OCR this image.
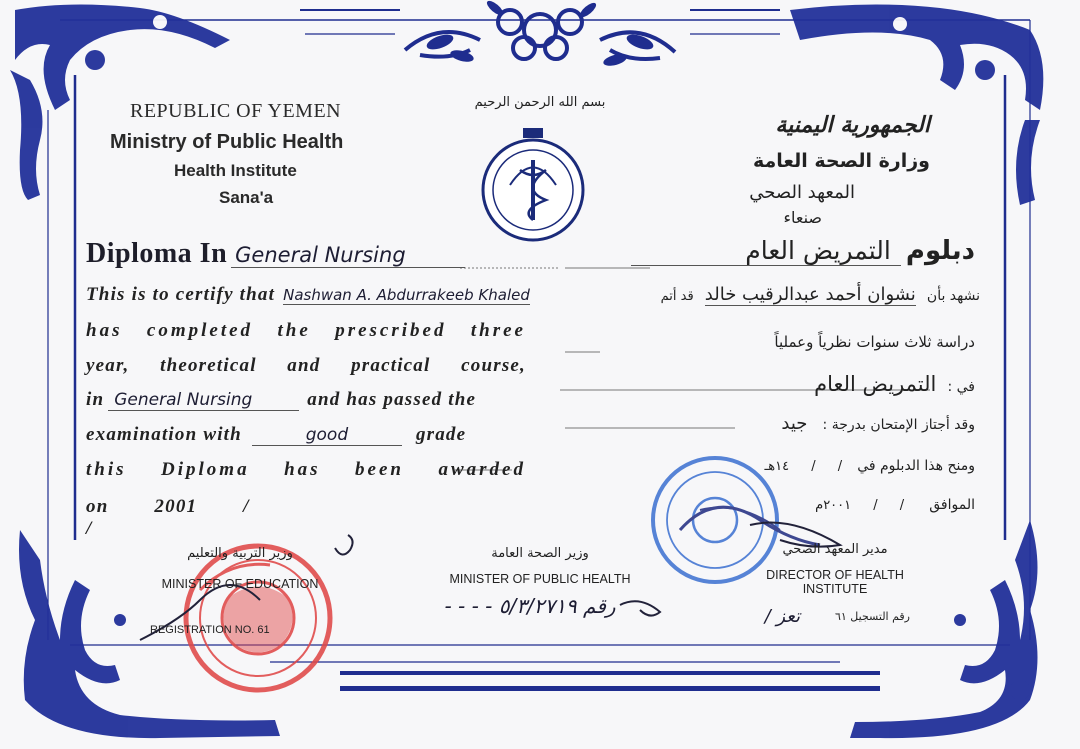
REPUBLIC OF YEMEN
Ministry of Public Health
Health Institute
Sana'a
بسم الله الرحمن الرحيم
الجمهورية اليمنية
وزارة الصحة العامة
المعهد الصحي
صنعاء
Diploma In General Nursing
This is to certify that Nashwan A. Abdurrakeeb Khaled
has completed the prescribed three
year, theoretical and practical course,
in General Nursing	and has passed the
examination with	good	grade
this Diploma has been awarded
on 2001 / /
دبلوم التمريض العام
نشهد بأن نشوان أحمد عبدالرقيب خالد قد أتم
دراسة ثلاث سنوات نظرياً وعملياً
في : التمريض العام
وقد أجتاز الإمتحان بدرجة : جيد
ومنح هذا الدبلوم في / / ١٤هـ
الموافق / / ٢٠٠١م
وزير التربية والتعليم
MINISTER OF EDUCATION
REGISTRATION NO. 61
وزير الصحة العامة
MINISTER OF PUBLIC HEALTH
رقم ٥/٣/٢٧١٩ - - - -
مدير المعهد الصحي
DIRECTOR OF HEALTH INSTITUTE
رقم التسجيل ٦١
تعز /
